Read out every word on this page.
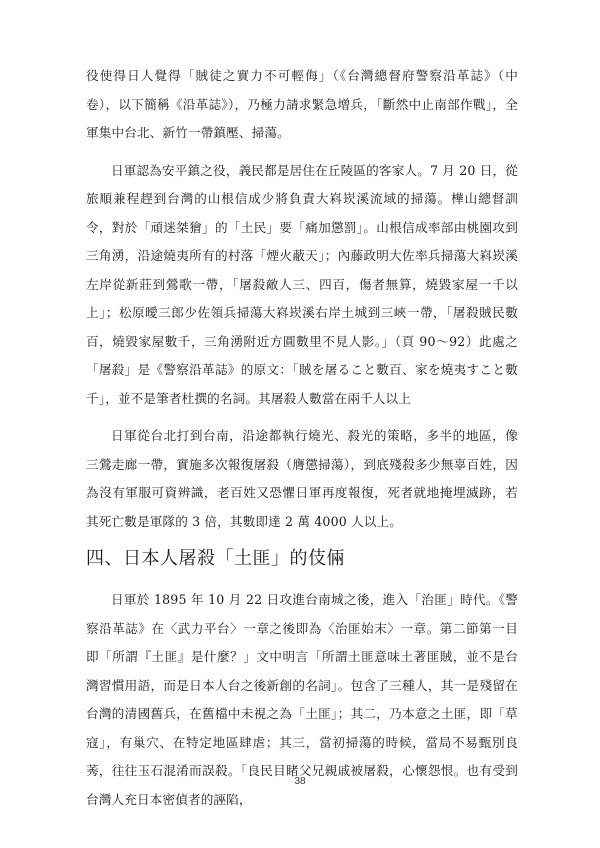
役使得日人覺得「賊徒之實力不可輕侮」（《台灣總督府警察沿革誌》（中卷），以下簡稱《沿革誌》），乃極力請求緊急增兵，「斷然中止南部作戰」，全軍集中台北、新竹一帶鎮壓、掃蕩。

日軍認為安平鎮之役，義民都是居住在丘陵區的客家人。7 月 20 日，從旅順兼程趕到台灣的山根信成少將負責大嵙崁溪流域的掃蕩。樺山總督訓令，對於「頑迷桀獪」的「土民」要「痛加懲罰」。山根信成率部由桃園攻到三角湧，沿途燒夷所有的村落「煙火蔽天」；內藤政明大佐率兵掃蕩大嵙崁溪左岸從新莊到鶯歌一帶，「屠殺敵人三、四百，傷者無算，燒毀家屋一千以上」；松原曖三郎少佐領兵掃蕩大嵙崁溪右岸土城到三峽一帶，「屠殺賊民數百，燒毀家屋數千，三角湧附近方圓數里不見人影。」（頁 90～92）此處之「屠殺」是《警察沿革誌》的原文：「賊を屠ること數百、家を燒夷すこと數千」，並不是筆者杜撰的名詞。其屠殺人數當在兩千人以上

日軍從台北打到台南，沿途都執行燒光、殺光的策略，多半的地區，像三鶯走廊一帶，實施多次報復屠殺（膺懲掃蕩），到底殘殺多少無辜百姓，因為沒有軍服可資辨識，老百姓又恐懼日軍再度報復，死者就地掩埋滅跡，若其死亡數是軍隊的 3 倍，其數即達 2 萬 4000 人以上。

四、日本人屠殺「土匪」的伎倆

日軍於 1895 年 10 月 22 日攻進台南城之後，進入「治匪」時代。《警察沿革誌》在〈武力平台〉一章之後即為〈治匪始末〉一章。第二節第一目即「所謂『土匪』是什麼？」文中明言「所謂土匪意味土著匪賊，並不是台灣習慣用語，而是日本人台之後新創的名詞」。包含了三種人，其一是殘留在台灣的清國舊兵，在舊檔中未視之為「土匪」；其二，乃本意之土匪，即「草寇」，有巢穴、在特定地區肆虐；其三，當初掃蕩的時候，當局不易甄別良莠，往往玉石混淆而誤殺。「良民目睹父兄親戚被屠殺，心懷怨恨。也有受到台灣人充日本密偵者的誣陷，

38
